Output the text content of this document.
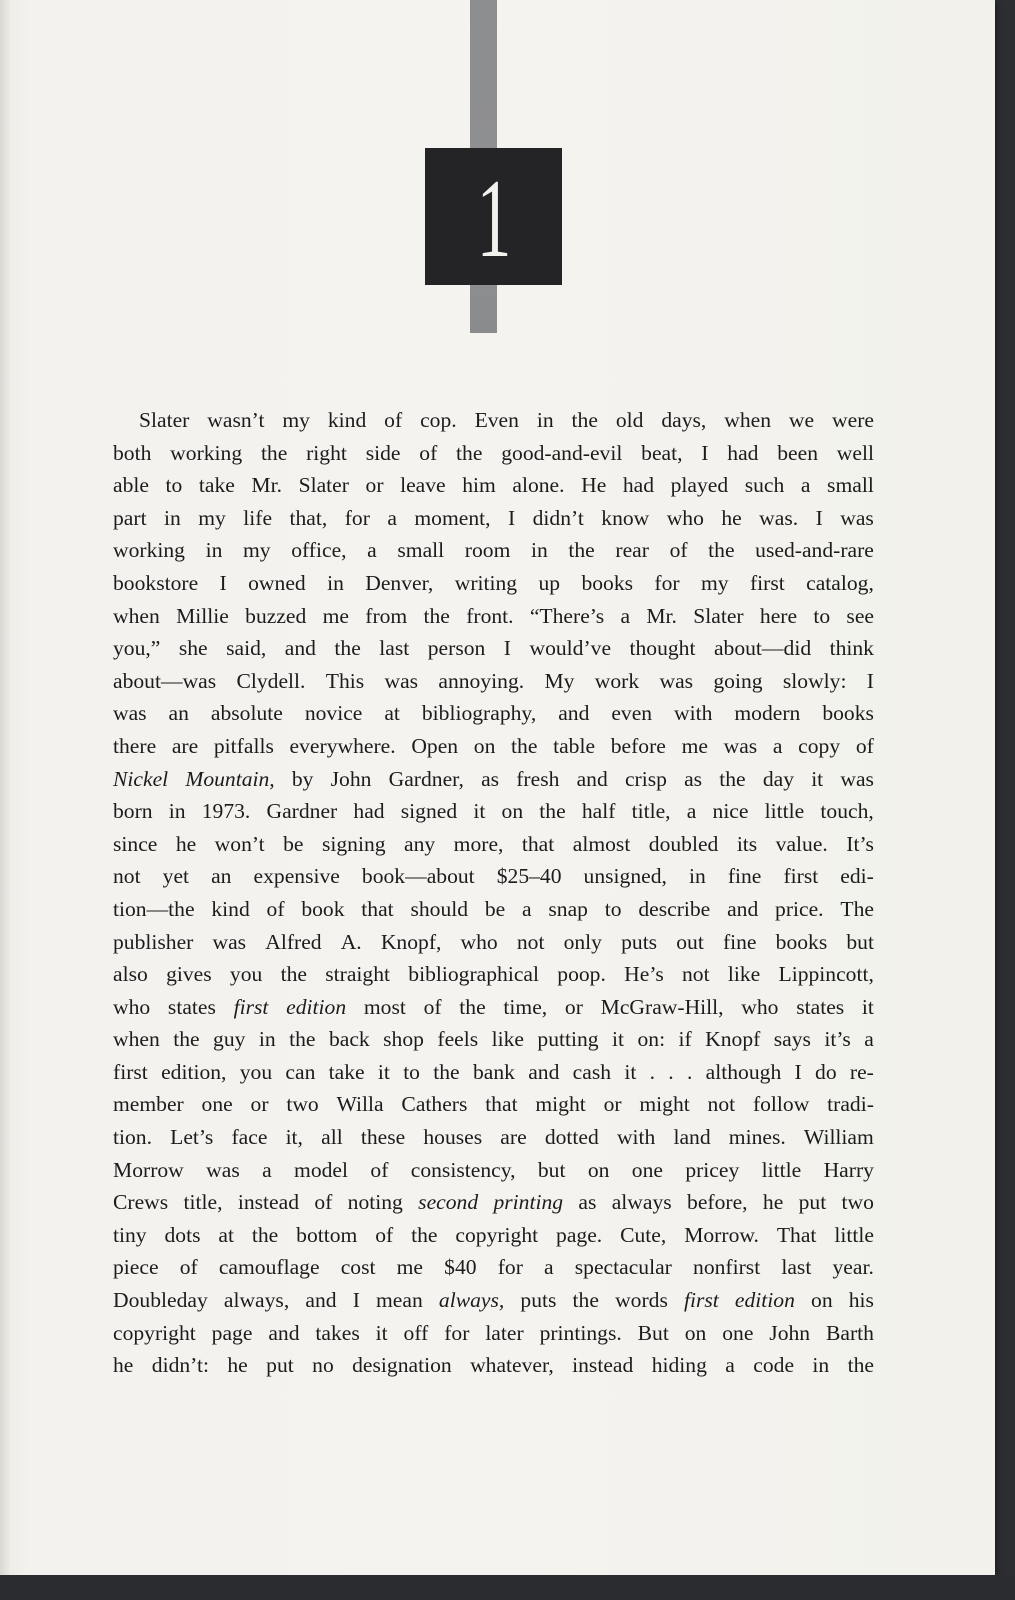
1
Slater wasn’t my kind of cop. Even in the old days, when we were
both working the right side of the good-and-evil beat, I had been well
able to take Mr. Slater or leave him alone. He had played such a small
part in my life that, for a moment, I didn’t know who he was. I was
working in my office, a small room in the rear of the used-and-rare
bookstore I owned in Denver, writing up books for my first catalog,
when Millie buzzed me from the front. “There’s a Mr. Slater here to see
you,” she said, and the last person I would’ve thought about—did think
about—was Clydell. This was annoying. My work was going slowly: I
was an absolute novice at bibliography, and even with modern books
there are pitfalls everywhere. Open on the table before me was a copy of
Nickel Mountain, by John Gardner, as fresh and crisp as the day it was
born in 1973. Gardner had signed it on the half title, a nice little touch,
since he won’t be signing any more, that almost doubled its value. It’s
not yet an expensive book—about $25–40 unsigned, in fine first edi-
tion—the kind of book that should be a snap to describe and price. The
publisher was Alfred A. Knopf, who not only puts out fine books but
also gives you the straight bibliographical poop. He’s not like Lippincott,
who states first edition most of the time, or McGraw-Hill, who states it
when the guy in the back shop feels like putting it on: if Knopf says it’s a
first edition, you can take it to the bank and cash it . . . although I do re-
member one or two Willa Cathers that might or might not follow tradi-
tion. Let’s face it, all these houses are dotted with land mines. William
Morrow was a model of consistency, but on one pricey little Harry
Crews title, instead of noting second printing as always before, he put two
tiny dots at the bottom of the copyright page. Cute, Morrow. That little
piece of camouflage cost me $40 for a spectacular nonfirst last year.
Doubleday always, and I mean always, puts the words first edition on his
copyright page and takes it off for later printings. But on one John Barth
he didn’t: he put no designation whatever, instead hiding a code in the
